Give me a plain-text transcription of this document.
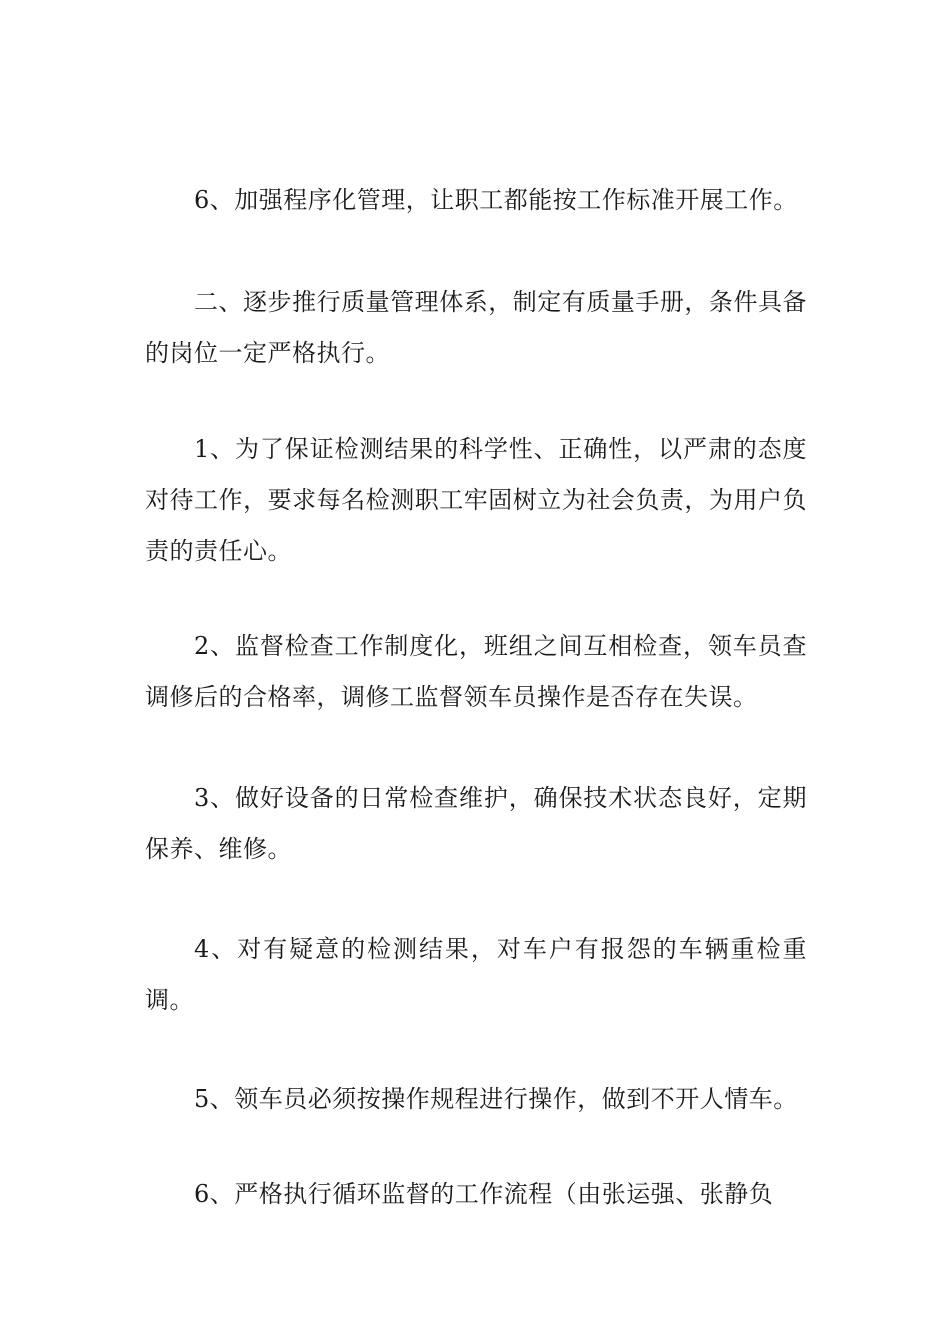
6、加强程序化管理，让职工都能按工作标准开展工作。

二、逐步推行质量管理体系，制定有质量手册，条件具备的岗位一定严格执行。

1、为了保证检测结果的科学性、正确性，以严肃的态度对待工作，要求每名检测职工牢固树立为社会负责，为用户负责的责任心。

2、监督检查工作制度化，班组之间互相检查，领车员查调修后的合格率，调修工监督领车员操作是否存在失误。

3、做好设备的日常检查维护，确保技术状态良好，定期保养、维修。

4、对有疑意的检测结果，对车户有报怨的车辆重检重调。

5、领车员必须按操作规程进行操作，做到不开人情车。

6、严格执行循环监督的工作流程（由张运强、张静负
